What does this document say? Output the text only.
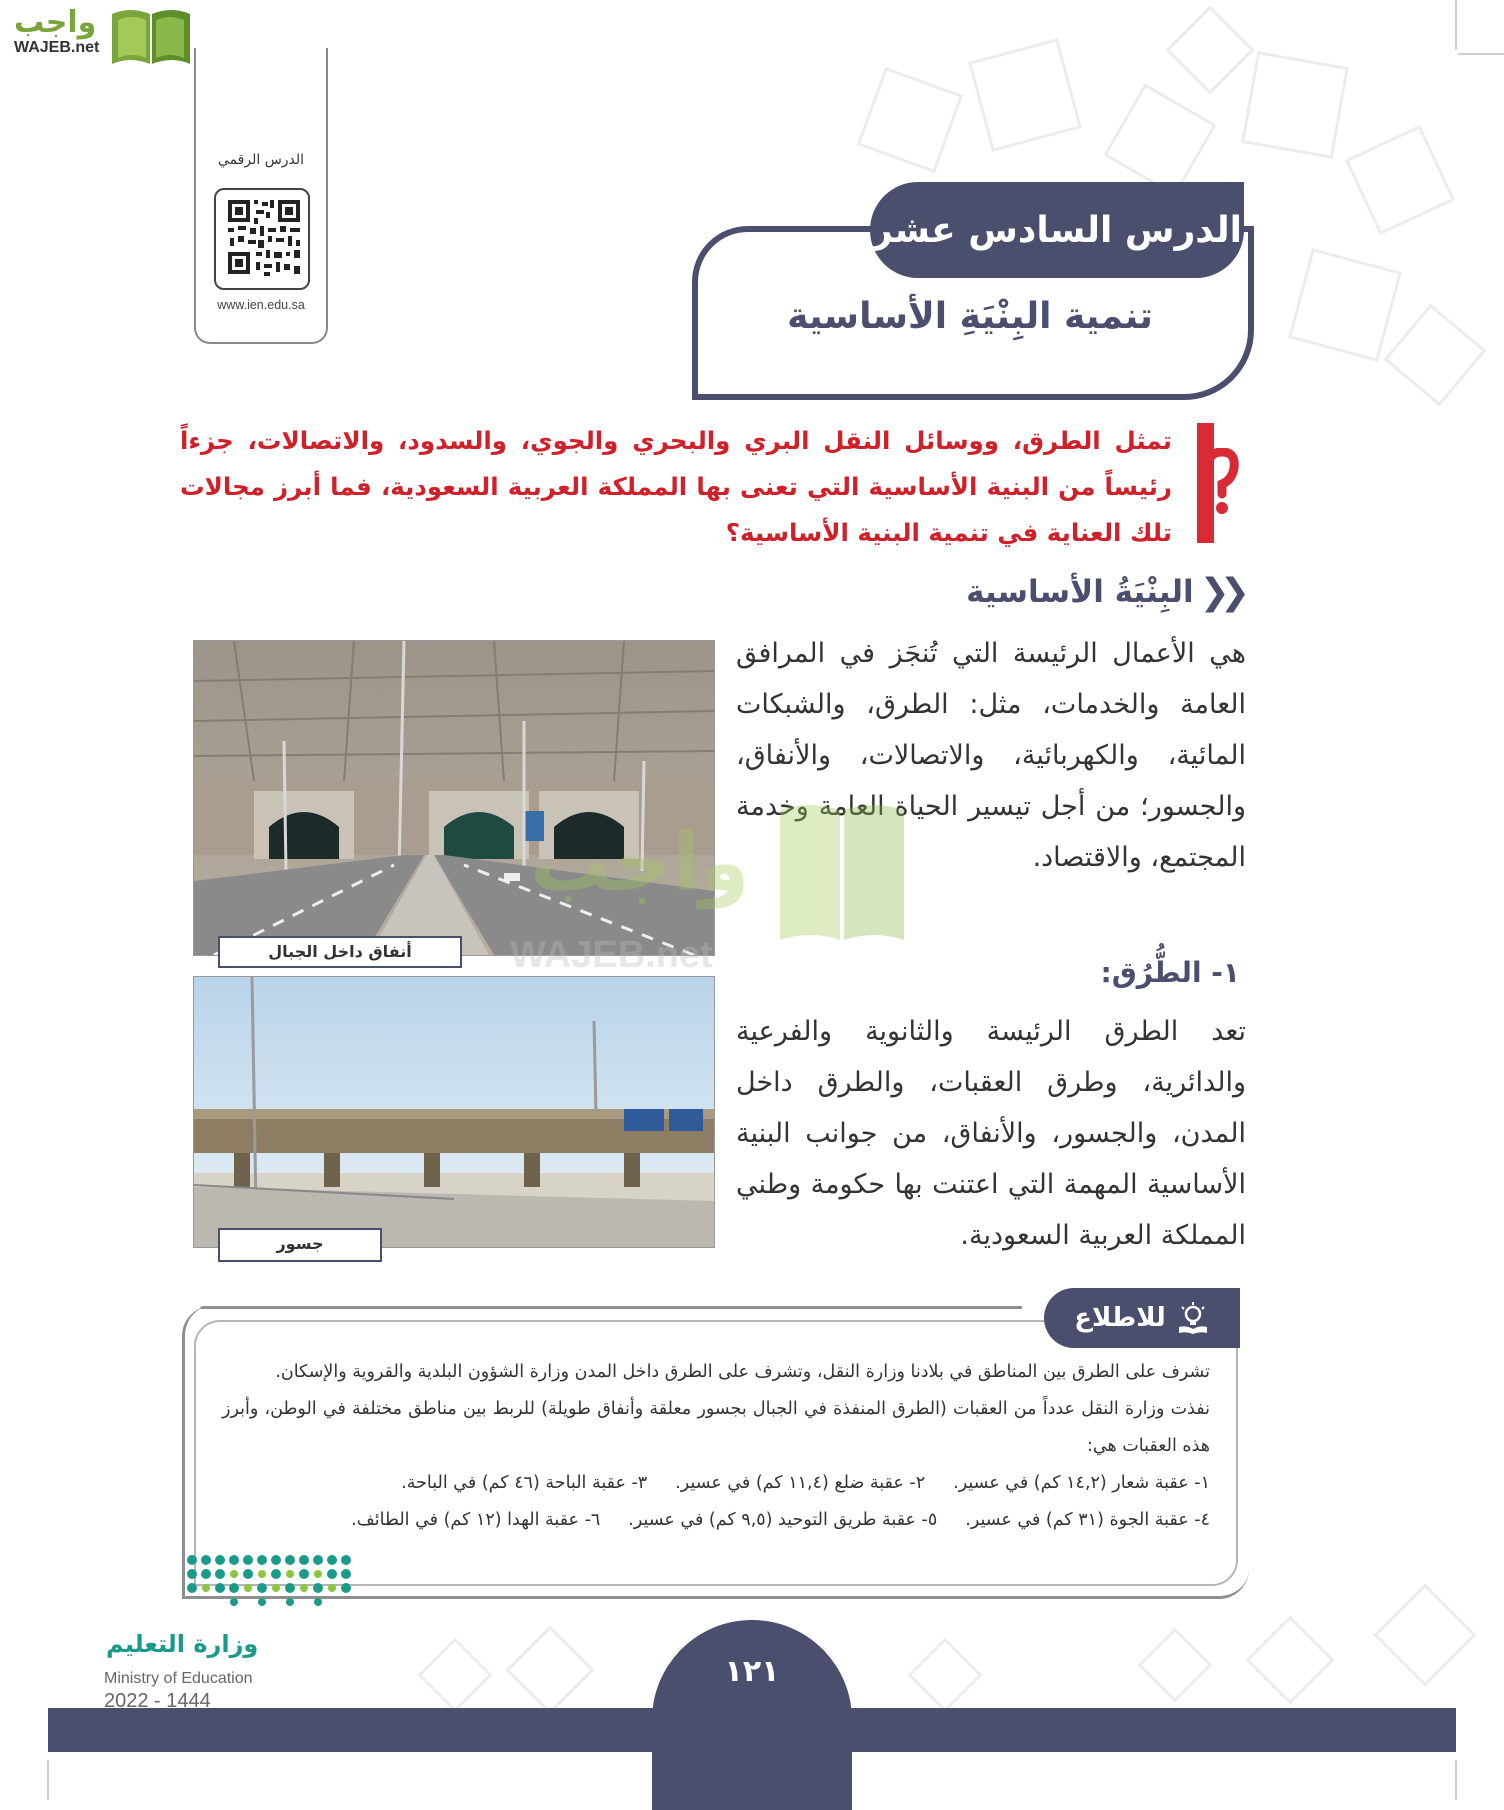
واجب
WAJEB.net
الدرس الرقمي
www.ien.edu.sa
الدرس السادس عشر
تنمية البِنْيَةِ الأساسية
تمثل الطرق، ووسائل النقل البري والبحري والجوي، والسدود، والاتصالات، جزءاً رئيساً من البنية الأساسية التي تعنى بها المملكة العربية السعودية، فما أبرز مجالات تلك العناية في تنمية البنية الأساسية؟
❮❮
البِنْيَةُ الأساسية
هي الأعمال الرئيسة التي تُنجَز في المرافق العامة والخدمات، مثل: الطرق، والشبكات المائية، والكهربائية، والاتصالات، والأنفاق، والجسور؛ من أجل تيسير الحياة العامة وخدمة المجتمع، والاقتصاد.
١- الطُّرُق:
تعد الطرق الرئيسة والثانوية والفرعية والدائرية، وطرق العقبات، والطرق داخل المدن، والجسور، والأنفاق، من جوانب البنية الأساسية المهمة التي اعتنت بها حكومة وطني المملكة العربية السعودية.
أنفاق داخل الجبال
جسور
للاطلاع
تشرف على الطرق بين المناطق في بلادنا وزارة النقل، وتشرف على الطرق داخل المدن وزارة الشؤون البلدية والقروية والإسكان.
نفذت وزارة النقل عدداً من العقبات (الطرق المنفذة في الجبال بجسور معلقة وأنفاق طويلة) للربط بين مناطق مختلفة في الوطن، وأبرز هذه العقبات هي:
١- عقبة شعار (١٤,٢ كم) في عسير.
٢- عقبة ضلع (١١,٤ كم) في عسير.
٣- عقبة الباحة (٤٦ كم) في الباحة.
٤- عقبة الجوة (٣١ كم) في عسير.
٥- عقبة طريق التوحيد (٩,٥ كم) في عسير.
٦- عقبة الهدا (١٢ كم) في الطائف.
وزارة التعليم
Ministry of Education
2022 - 1444
١٢١
واجب
WAJEB.net
